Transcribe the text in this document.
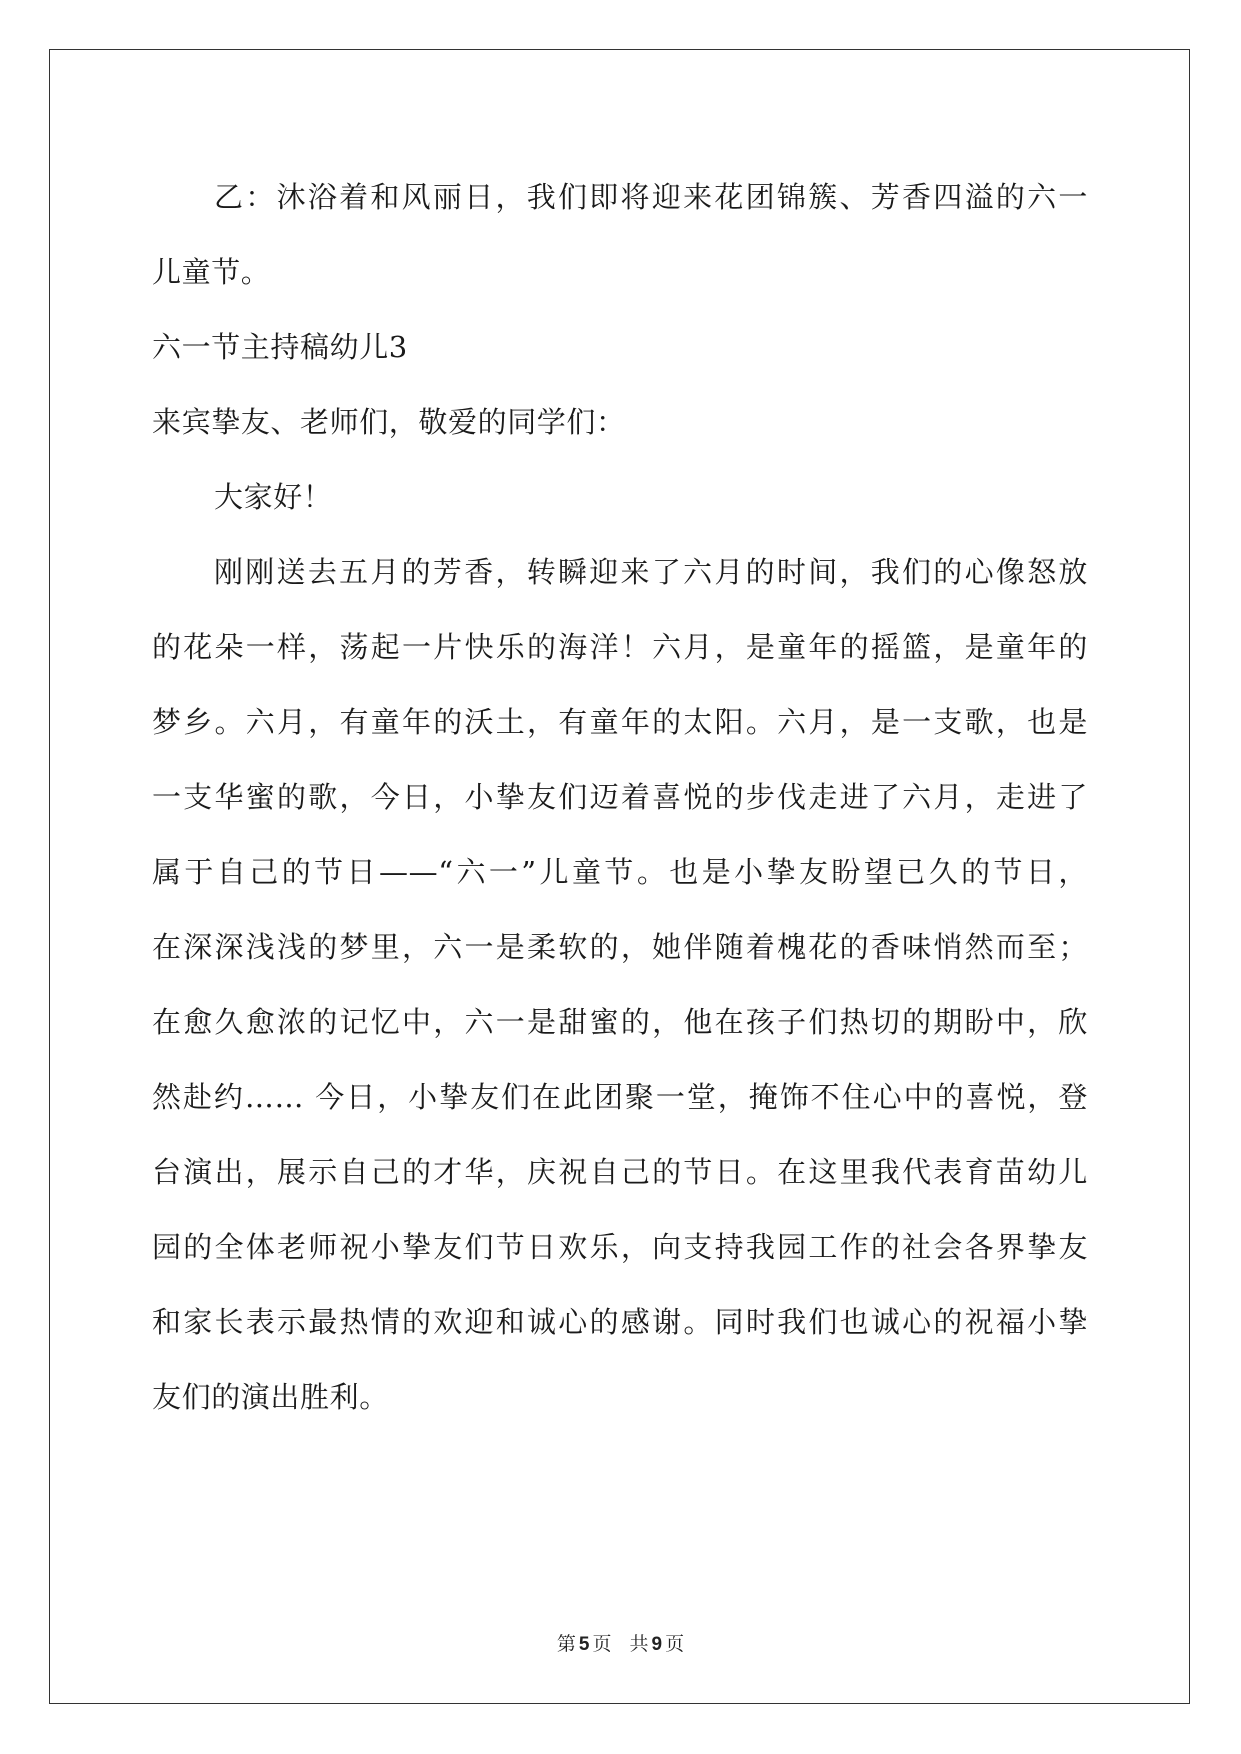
乙：沐浴着和风丽日，我们即将迎来花团锦簇、芳香四溢的六一
儿童节。
六一节主持稿幼儿3
来宾挚友、老师们，敬爱的同学们：
大家好！
刚刚送去五月的芳香，转瞬迎来了六月的时间，我们的心像怒放
的花朵一样，荡起一片快乐的海洋！六月，是童年的摇篮，是童年的
梦乡。六月，有童年的沃土，有童年的太阳。六月，是一支歌，也是
一支华蜜的歌，今日，小挚友们迈着喜悦的步伐走进了六月，走进了
属于自己的节日——“六一”儿童节。也是小挚友盼望已久的节日，
在深深浅浅的梦里，六一是柔软的，她伴随着槐花的香味悄然而至；
在愈久愈浓的记忆中，六一是甜蜜的，他在孩子们热切的期盼中，欣
然赴约…… 今日，小挚友们在此团聚一堂，掩饰不住心中的喜悦，登
台演出，展示自己的才华，庆祝自己的节日。在这里我代表育苗幼儿
园的全体老师祝小挚友们节日欢乐，向支持我园工作的社会各界挚友
和家长表示最热情的欢迎和诚心的感谢。同时我们也诚心的祝福小挚
友们的演出胜利。
第 5 页 共 9 页
